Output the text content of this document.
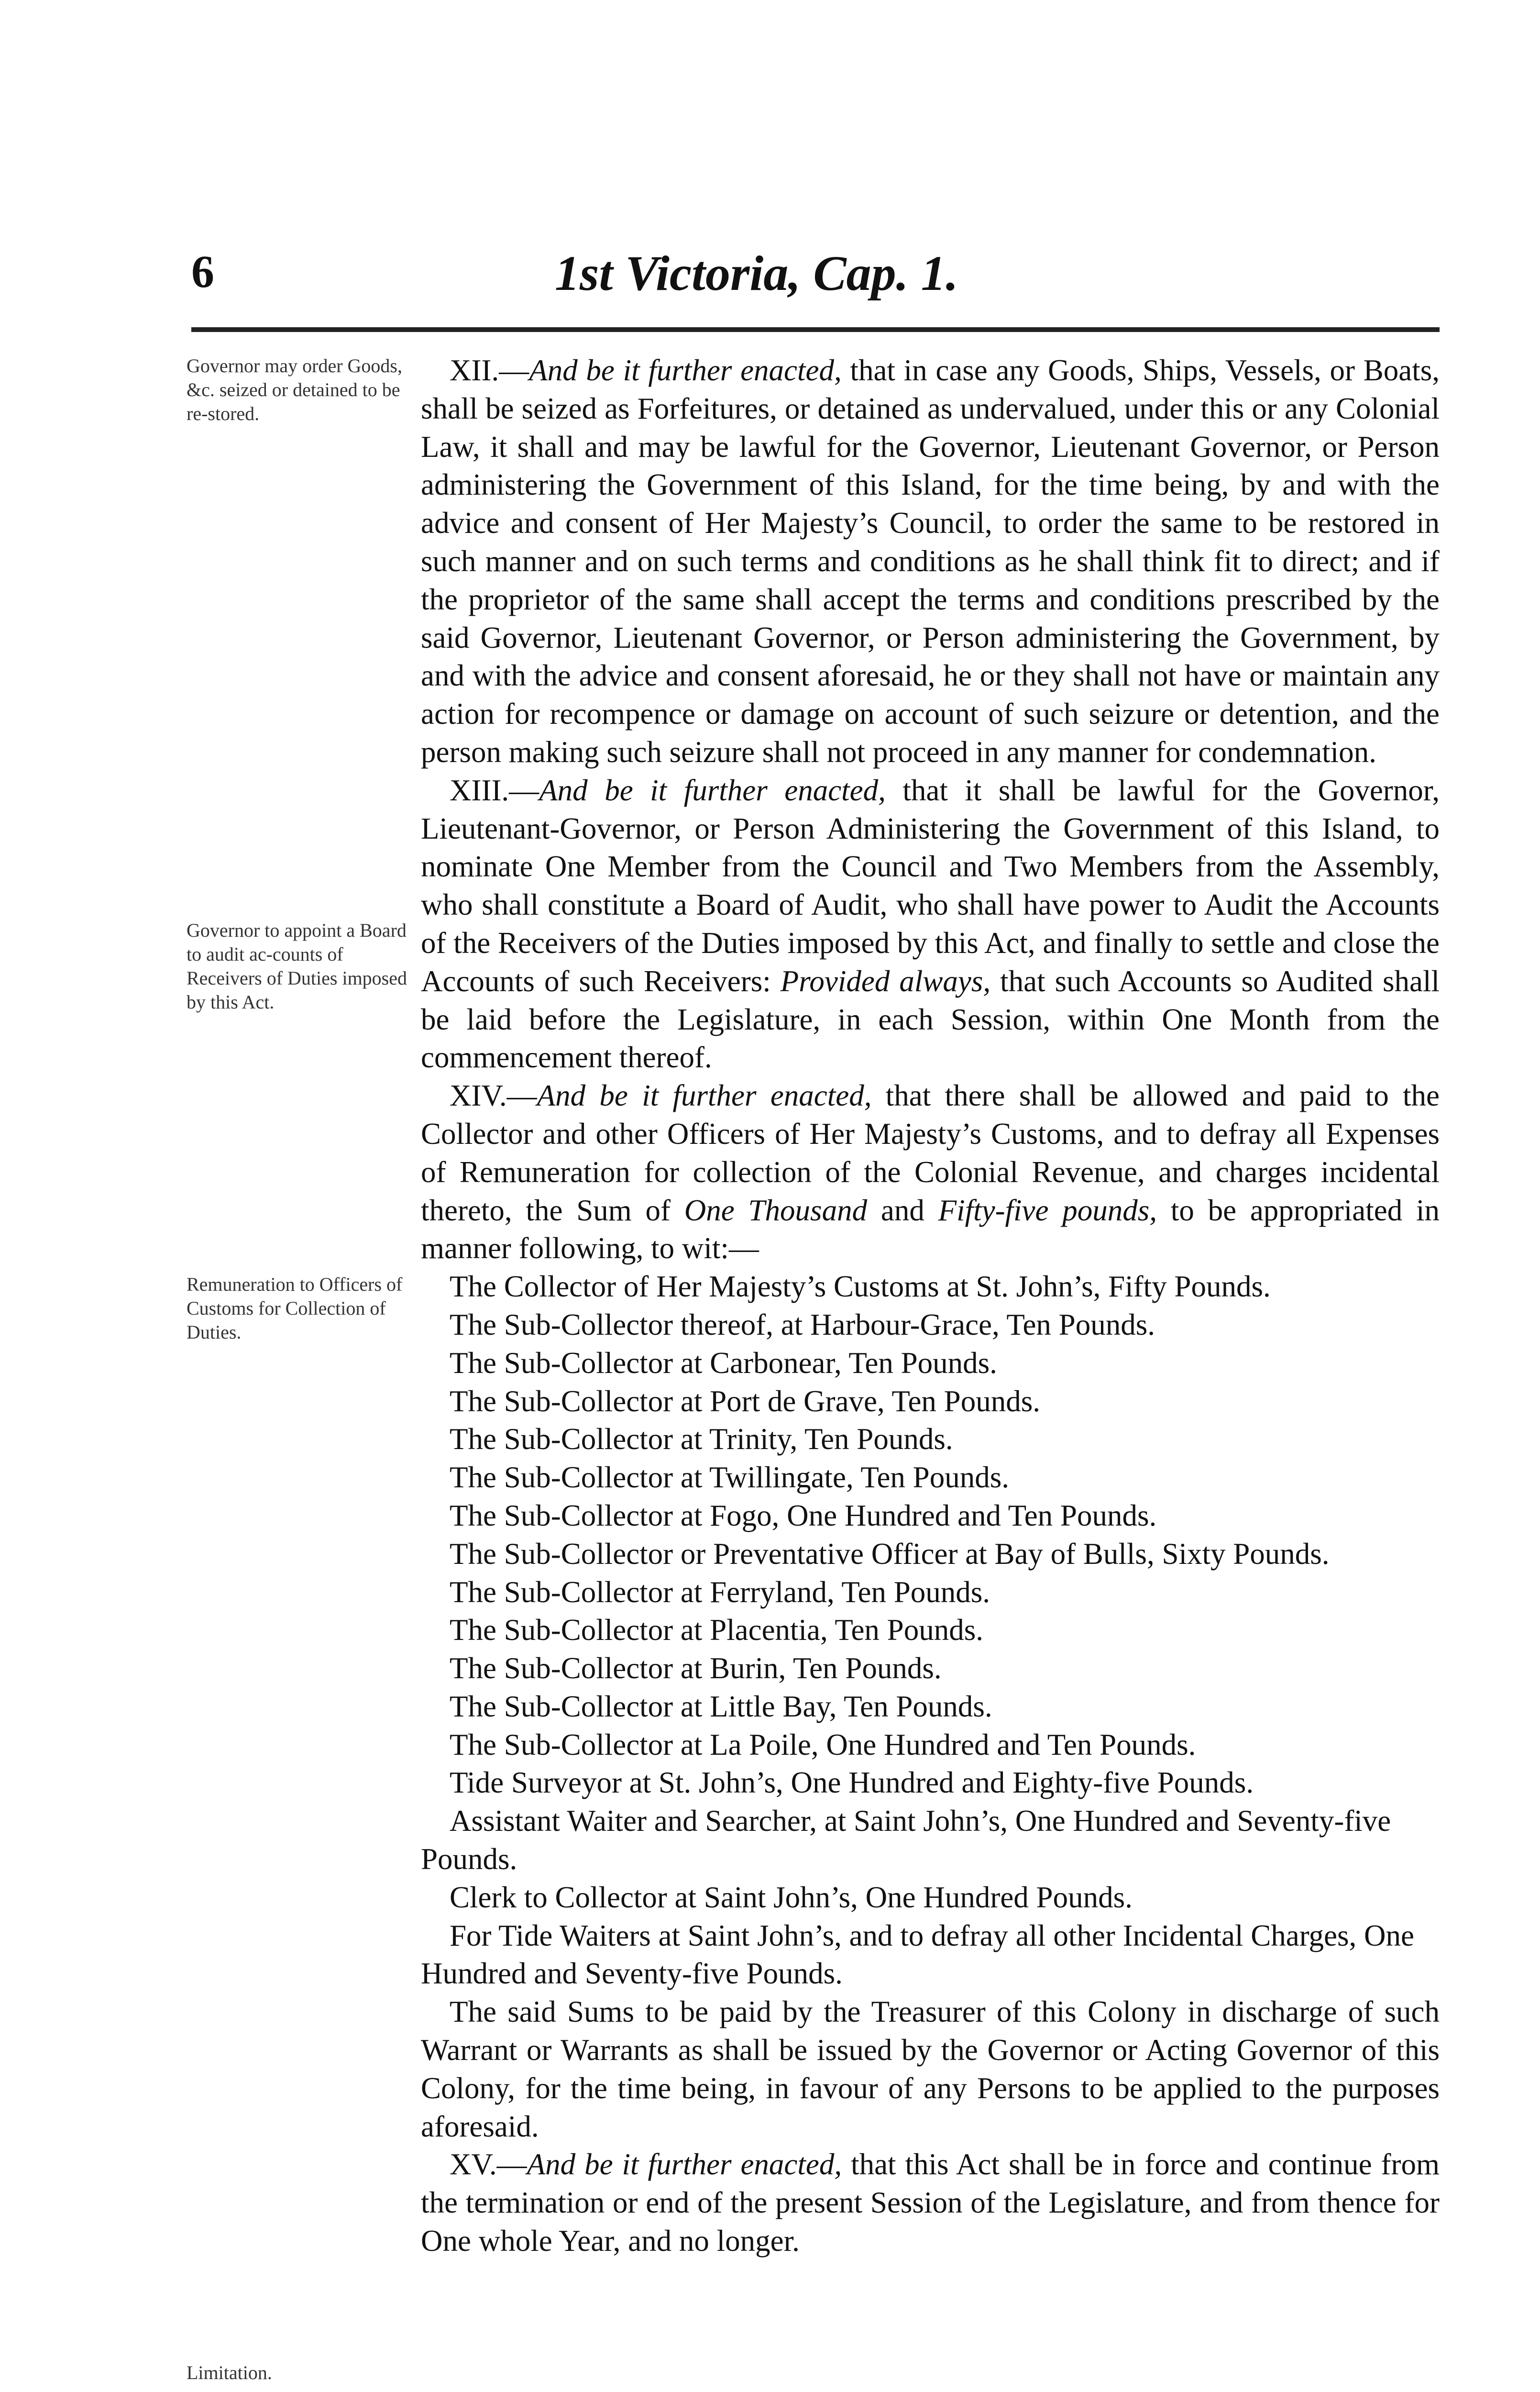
6	1st Victoria, Cap. 1.
Governor may order Goods, &c. seized or detained to be re-stored.
Governor to appoint a Board to audit ac-counts of Receivers of Duties imposed by this Act.
Remuneration to Officers of Customs for Collection of Duties.
Limitation.

XII.—And be it further enacted, that in case any Goods, Ships, Vessels, or Boats, shall be seized as Forfeitures, or detained as undervalued, under this or any Colonial Law, it shall and may be lawful for the Governor, Lieutenant Governor, or Person administering the Government of this Island, for the time being, by and with the advice and consent of Her Majesty’s Council, to order the same to be restored in such manner and on such terms and conditions as he shall think fit to direct; and if the proprietor of the same shall accept the terms and conditions prescribed by the said Governor, Lieutenant Governor, or Person administering the Government, by and with the advice and consent aforesaid, he or they shall not have or maintain any action for recompence or damage on account of such seizure or detention, and the person making such seizure shall not proceed in any manner for condemnation.

XIII.—And be it further enacted, that it shall be lawful for the Governor, Lieutenant-Governor, or Person Administering the Government of this Island, to nominate One Member from the Council and Two Members from the Assembly, who shall constitute a Board of Audit, who shall have power to Audit the Accounts of the Receivers of the Duties imposed by this Act, and finally to settle and close the Accounts of such Receivers: Provided always, that such Accounts so Audited shall be laid before the Legislature, in each Session, within One Month from the commencement thereof.

XIV.—And be it further enacted, that there shall be allowed and paid to the Collector and other Officers of Her Majesty’s Customs, and to defray all Expenses of Remuneration for collection of the Colonial Revenue, and charges incidental thereto, the Sum of One Thousand and Fifty-five pounds, to be appropriated in manner following, to wit:—

The Collector of Her Majesty’s Customs at St. John’s, Fifty Pounds.

The Sub-Collector thereof, at Harbour-Grace, Ten Pounds.

The Sub-Collector at Carbonear, Ten Pounds.

The Sub-Collector at Port de Grave, Ten Pounds.

The Sub-Collector at Trinity, Ten Pounds.

The Sub-Collector at Twillingate, Ten Pounds.

The Sub-Collector at Fogo, One Hundred and Ten Pounds.

The Sub-Collector or Preventative Officer at Bay of Bulls, Sixty Pounds.

The Sub-Collector at Ferryland, Ten Pounds.

The Sub-Collector at Placentia, Ten Pounds.

The Sub-Collector at Burin, Ten Pounds.

The Sub-Collector at Little Bay, Ten Pounds.

The Sub-Collector at La Poile, One Hundred and Ten Pounds.

Tide Surveyor at St. John’s, One Hundred and Eighty-five Pounds.

Assistant Waiter and Searcher, at Saint John’s, One Hundred and Seventy-five Pounds.

Clerk to Collector at Saint John’s, One Hundred Pounds.

For Tide Waiters at Saint John’s, and to defray all other Incidental Charges, One Hundred and Seventy-five Pounds.

The said Sums to be paid by the Treasurer of this Colony in discharge of such Warrant or Warrants as shall be issued by the Governor or Acting Governor of this Colony, for the time being, in favour of any Persons to be applied to the purposes aforesaid.

XV.—And be it further enacted, that this Act shall be in force and continue from the termination or end of the present Session of the Legislature, and from thence for One whole Year, and no longer.
